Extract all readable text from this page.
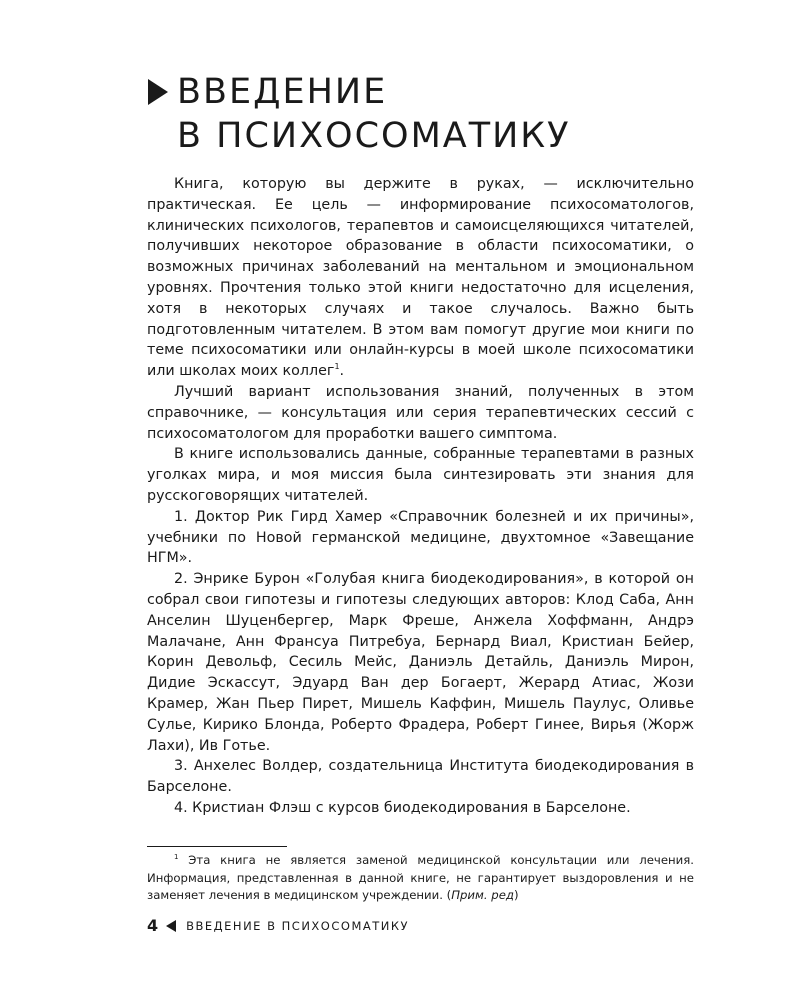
ВВЕДЕНИЕ
В ПСИХОСОМАТИКУ

Книга, которую вы держите в руках, — исключительно практическая. Ее цель — информирование психосоматологов, клинических психологов, терапевтов и самоисцеляющихся читателей, получивших некоторое образование в области психосоматики, о возможных причинах заболеваний на ментальном и эмоциональном уровнях. Прочтения только этой книги недостаточно для исцеления, хотя в некоторых случаях и такое случалось. Важно быть подготовленным читателем. В этом вам помогут другие мои книги по теме психосоматики или онлайн-курсы в моей школе психосоматики или школах моих коллег$^1$.

Лучший вариант использования знаний, полученных в этом справочнике, — консультация или серия терапевтических сессий с психосоматологом для проработки вашего симптома.

В книге использовались данные, собранные терапевтами в разных уголках мира, и моя миссия была синтезировать эти знания для русскоговорящих читателей.

1. Доктор Рик Гирд Хамер «Справочник болезней и их причины», учебники по Новой германской медицине, двухтомное «Завещание НГМ».

2. Энрике Бурон «Голубая книга биодекодирования», в которой он собрал свои гипотезы и гипотезы следующих авторов: Клод Саба, Анн Анселин Шуценбергер, Марк Фреше, Анжела Хоффманн, Андрэ Малачане, Анн Франсуа Питребуа, Бернард Виал, Кристиан Бейер, Корин Девольф, Сесиль Мейс, Даниэль Детайль, Даниэль Мирон, Дидие Эскассут, Эдуард Ван дер Богаерт, Жерард Атиас, Жози Крамер, Жан Пьер Пирет, Мишель Каффин, Мишель Паулус, Оливье Сулье, Кирико Блонда, Роберто Фрадера, Роберт Гинее, Вирья (Жорж Лахи), Ив Готье.

3. Анхелес Волдер, создательница Института биодекодирования в Барселоне.

4. Кристиан Флэш с курсов биодекодирования в Барселоне.

$^1$ Эта книга не является заменой медицинской консультации или лечения. Информация, представленная в данной книге, не гарантирует выздоровления и не заменяет лечения в медицинском учреждении. (Прим. ред)

4 ВВЕДЕНИЕ В ПСИХОСОМАТИКУ
